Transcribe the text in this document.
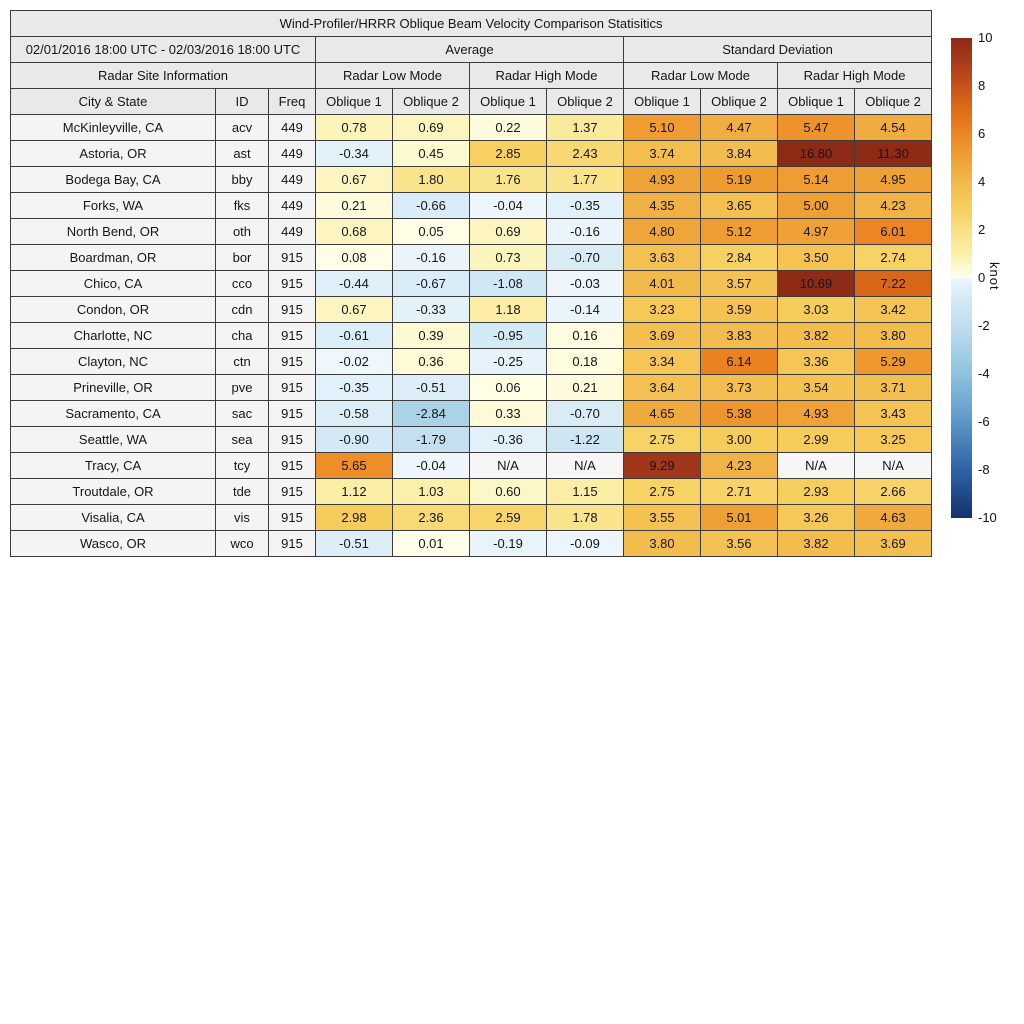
Wind-Profiler/HRRR Oblique Beam Velocity Comparison Statisitics										
02/01/2016 18:00 UTC - 02/03/2016 18:00 UTC			Average				Standard Deviation			
Radar Site Information			Radar Low Mode		Radar High Mode		Radar Low Mode		Radar High Mode	
City & State	ID	Freq	Oblique 1	Oblique 2	Oblique 1	Oblique 2	Oblique 1	Oblique 2	Oblique 1	Oblique 2
McKinleyville, CA	acv	449	0.78	0.69	0.22	1.37	5.10	4.47	5.47	4.54
Astoria, OR	ast	449	-0.34	0.45	2.85	2.43	3.74	3.84	16.80	11.30
Bodega Bay, CA	bby	449	0.67	1.80	1.76	1.77	4.93	5.19	5.14	4.95
Forks, WA	fks	449	0.21	-0.66	-0.04	-0.35	4.35	3.65	5.00	4.23
North Bend, OR	oth	449	0.68	0.05	0.69	-0.16	4.80	5.12	4.97	6.01
Boardman, OR	bor	915	0.08	-0.16	0.73	-0.70	3.63	2.84	3.50	2.74
Chico, CA	cco	915	-0.44	-0.67	-1.08	-0.03	4.01	3.57	10.69	7.22
Condon, OR	cdn	915	0.67	-0.33	1.18	-0.14	3.23	3.59	3.03	3.42
Charlotte, NC	cha	915	-0.61	0.39	-0.95	0.16	3.69	3.83	3.82	3.80
Clayton, NC	ctn	915	-0.02	0.36	-0.25	0.18	3.34	6.14	3.36	5.29
Prineville, OR	pve	915	-0.35	-0.51	0.06	0.21	3.64	3.73	3.54	3.71
Sacramento, CA	sac	915	-0.58	-2.84	0.33	-0.70	4.65	5.38	4.93	3.43
Seattle, WA	sea	915	-0.90	-1.79	-0.36	-1.22	2.75	3.00	2.99	3.25
Tracy, CA	tcy	915	5.65	-0.04	N/A	N/A	9.29	4.23	N/A	N/A
Troutdale, OR	tde	915	1.12	1.03	0.60	1.15	2.75	2.71	2.93	2.66
Visalia, CA	vis	915	2.98	2.36	2.59	1.78	3.55	5.01	3.26	4.63
Wasco, OR	wco	915	-0.51	0.01	-0.19	-0.09	3.80	3.56	3.82	3.69
10
8
6
4
2
0
-2
-4
-6
-8
-10
knot
